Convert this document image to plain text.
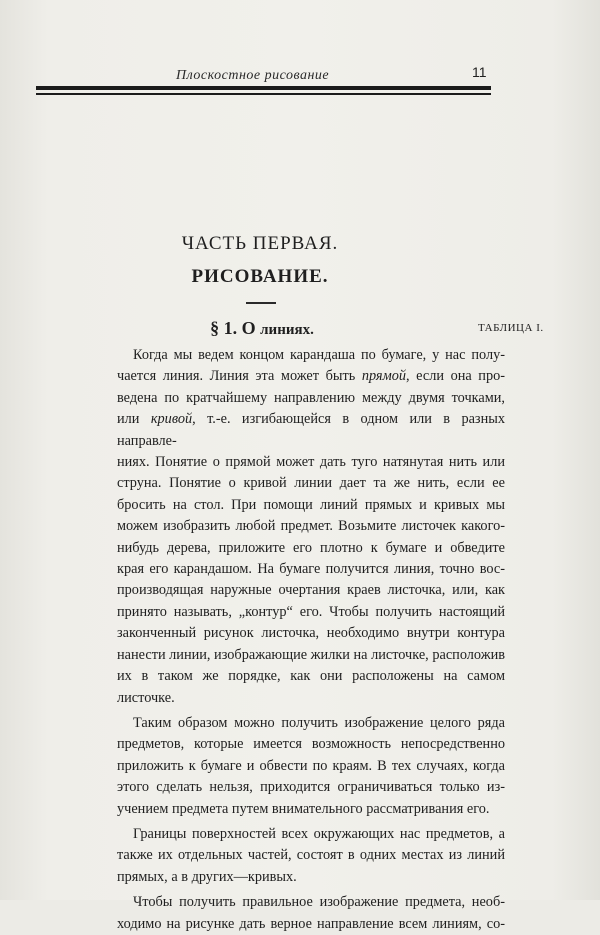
Плоскостное рисование	11
ЧАСТЬ ПЕРВАЯ.
РИСОВАНИЕ.
§ 1. О линиях.	ТАБЛИЦА I.
Когда мы ведем концом карандаша по бумаге, у нас полу-
чается линия. Линия эта может быть прямой, если она про-
ведена по кратчайшему направлению между двумя точками,
или кривой, т.-е. изгибающейся в одном или в разных направле-
ниях. Понятие о прямой может дать туго натянутая нить или
струна. Понятие о кривой линии дает та же нить, если ее
бросить на стол. При помощи линий прямых и кривых мы
можем изобразить любой предмет. Возьмите листочек какого-
нибудь дерева, приложите его плотно к бумаге и обведите
края его карандашом. На бумаге получится линия, точно вос-
производящая наружные очертания краев листочка, или, как
принято называть, „контур“ его. Чтобы получить настоящий
законченный рисунок листочка, необходимо внутри контура
нанести линии, изображающие жилки на листочке, расположив
их в таком же порядке, как они расположены на самом
листочке.
Таким образом можно получить изображение целого ряда
предметов, которые имеется возможность непосредственно
приложить к бумаге и обвести по краям. В тех случаях, когда
этого сделать нельзя, приходится ограничиваться только из-
учением предмета путем внимательного рассматривания его.
Границы поверхностей всех окружающих нас предметов, а
также их отдельных частей, состоят в одних местах из линий
прямых, а в других—кривых.
Чтобы получить правильное изображение предмета, необ-
ходимо на рисунке дать верное направление всем линиям, со-
